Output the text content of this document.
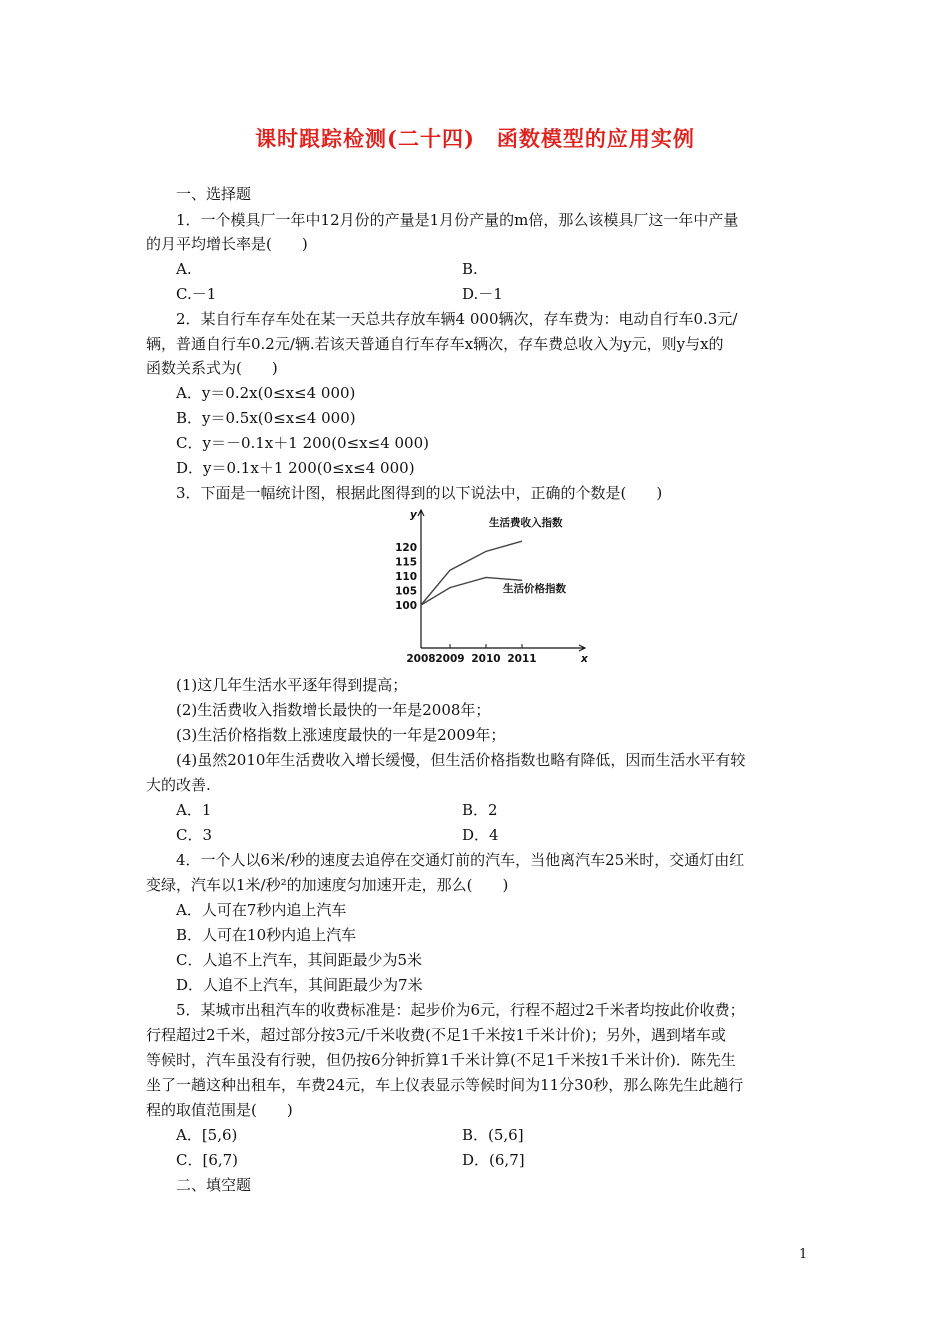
课时跟踪检测(二十四)　函数模型的应用实例
一、选择题
1．一个模具厂一年中12月份的产量是1月份产量的m倍，那么该模具厂这一年中产量
的月平均增长率是(　　)
A.	B.
C.－1	D.－1
2．某自行车存车处在某一天总共存放车辆4 000辆次，存车费为：电动自行车0.3元/
辆，普通自行车0.2元/辆.若该天普通自行车存车x辆次，存车费总收入为y元，则y与x的
函数关系式为(　　)
A．y＝0.2x(0≤x≤4 000)
B．y＝0.5x(0≤x≤4 000)
C．y＝－0.1x＋1 200(0≤x≤4 000)
D．y＝0.1x＋1 200(0≤x≤4 000)
3．下面是一幅统计图，根据此图得到的以下说法中，正确的个数是(　　)
y
x
100
105
110
115
120
2008 2009 2010 2011
生活费收入指数
生活价格指数
(1)这几年生活水平逐年得到提高；
(2)生活费收入指数增长最快的一年是2008年；
(3)生活价格指数上涨速度最快的一年是2009年；
(4)虽然2010年生活费收入增长缓慢，但生活价格指数也略有降低，因而生活水平有较
大的改善.
A．1	B．2
C．3	D．4
4．一个人以6米/秒的速度去追停在交通灯前的汽车，当他离汽车25米时，交通灯由红
变绿，汽车以1米/秒²的加速度匀加速开走，那么(　　)
A．人可在7秒内追上汽车
B．人可在10秒内追上汽车
C．人追不上汽车，其间距最少为5米
D．人追不上汽车，其间距最少为7米
5．某城市出租汽车的收费标准是：起步价为6元，行程不超过2千米者均按此价收费；
行程超过2千米，超过部分按3元/千米收费(不足1千米按1千米计价)；另外，遇到堵车或
等候时，汽车虽没有行驶，但仍按6分钟折算1千米计算(不足1千米按1千米计价)．陈先生
坐了一趟这种出租车，车费24元，车上仪表显示等候时间为11分30秒，那么陈先生此趟行
程的取值范围是(　　)
A．[5,6)	B．(5,6]
C．[6,7)	D．(6,7]
二、填空题
1
